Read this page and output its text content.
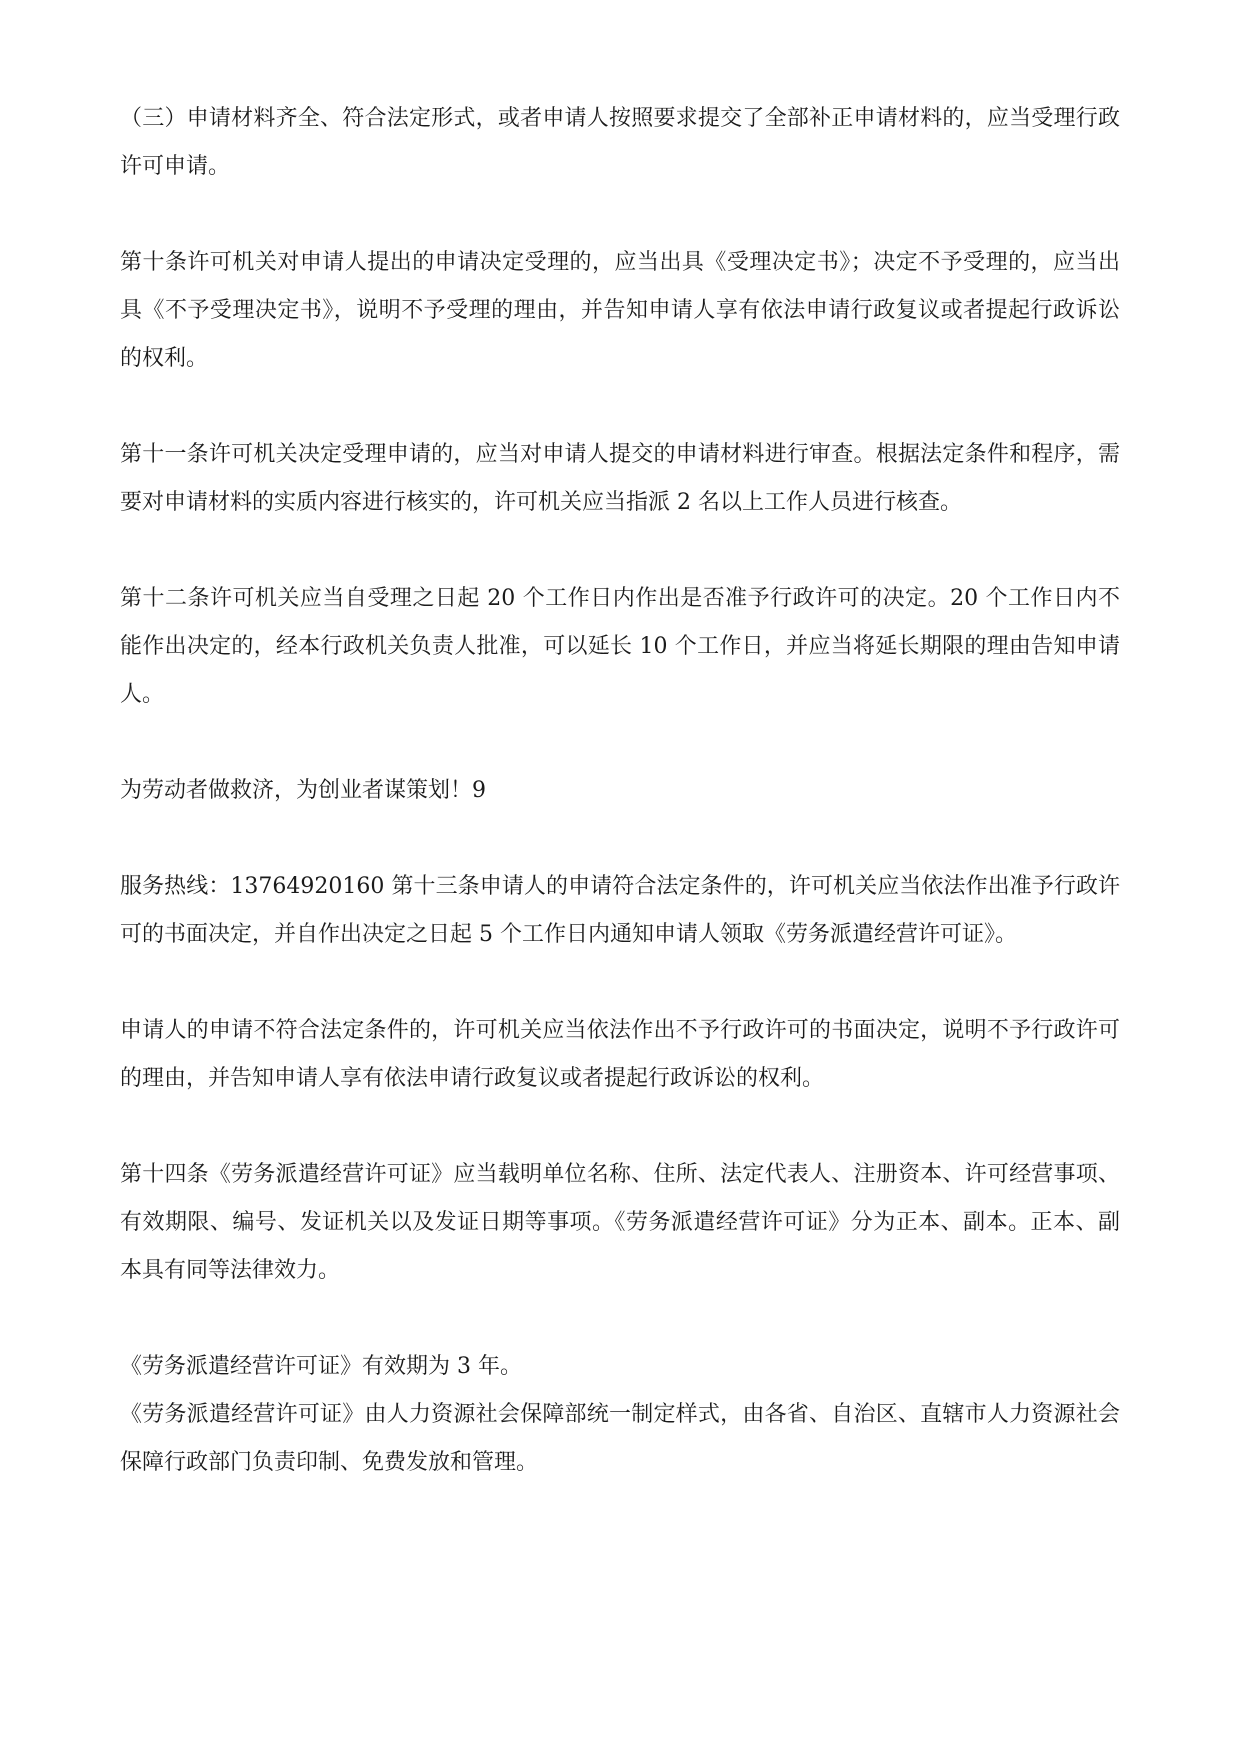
（三）申请材料齐全、符合法定形式，或者申请人按照要求提交了全部补正申请材料的，应当受理行政许可申请。

第十条许可机关对申请人提出的申请决定受理的，应当出具《受理决定书》；决定不予受理的，应当出具《不予受理决定书》，说明不予受理的理由，并告知申请人享有依法申请行政复议或者提起行政诉讼的权利。

第十一条许可机关决定受理申请的，应当对申请人提交的申请材料进行审查。根据法定条件和程序，需要对申请材料的实质内容进行核实的，许可机关应当指派 2 名以上工作人员进行核查。

第十二条许可机关应当自受理之日起 20 个工作日内作出是否准予行政许可的决定。20 个工作日内不能作出决定的，经本行政机关负责人批准，可以延长 10 个工作日，并应当将延长期限的理由告知申请人。

为劳动者做救济，为创业者谋策划！9

服务热线：13764920160 第十三条申请人的申请符合法定条件的，许可机关应当依法作出准予行政许可的书面决定，并自作出决定之日起 5 个工作日内通知申请人领取《劳务派遣经营许可证》。

申请人的申请不符合法定条件的，许可机关应当依法作出不予行政许可的书面决定，说明不予行政许可的理由，并告知申请人享有依法申请行政复议或者提起行政诉讼的权利。

第十四条《劳务派遣经营许可证》应当载明单位名称、住所、法定代表人、注册资本、许可经营事项、有效期限、编号、发证机关以及发证日期等事项。《劳务派遣经营许可证》分为正本、副本。正本、副本具有同等法律效力。

《劳务派遣经营许可证》有效期为 3 年。

《劳务派遣经营许可证》由人力资源社会保障部统一制定样式，由各省、自治区、直辖市人力资源社会保障行政部门负责印制、免费发放和管理。
